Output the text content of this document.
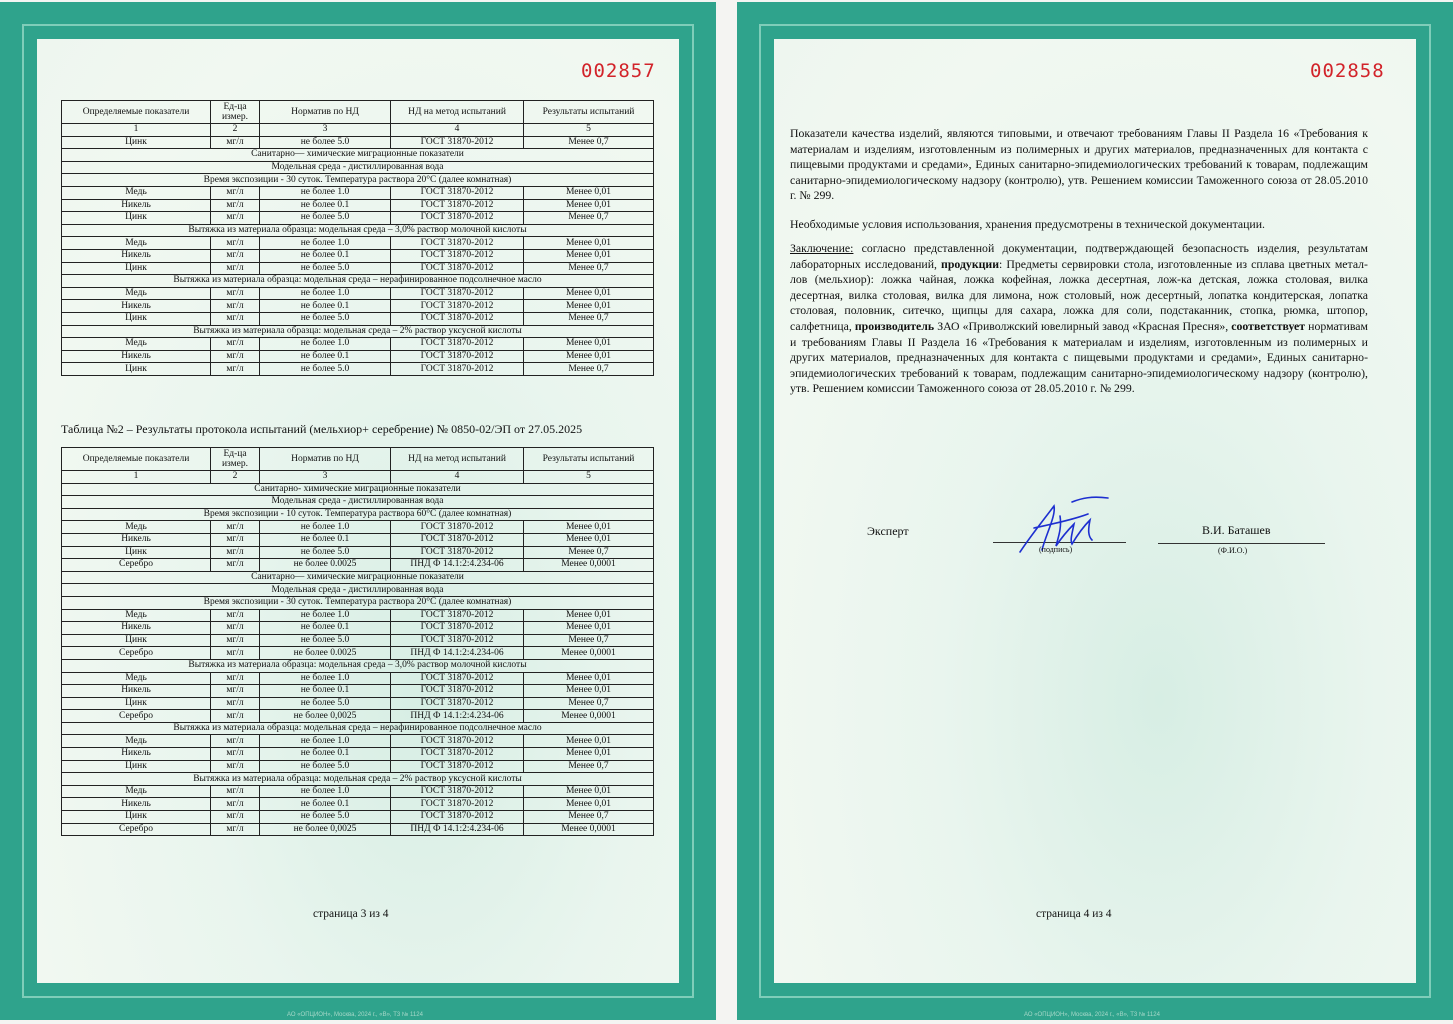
002857
Определяемые показатели	Ед-ца измер.	Норматив по НД	НД на метод испытаний	Результаты испытаний
1	2	3	4	5
Цинк	мг/л	не более 5.0	ГОСТ 31870-2012	Менее 0,7
Санитарно— химические миграционные показатели				
Модельная среда - дистиллированная вода				
Время экспозиции - 30 суток. Температура раствора 20°С (далее комнатная)				
Медь	мг/л	не более 1.0	ГОСТ 31870-2012	Менее 0,01
Никель	мг/л	не более 0.1	ГОСТ 31870-2012	Менее 0,01
Цинк	мг/л	не более 5.0	ГОСТ 31870-2012	Менее 0,7
Вытяжка из материала образца: модельная среда – 3,0% раствор молочной кислоты				
Медь	мг/л	не более 1.0	ГОСТ 31870-2012	Менее 0,01
Никель	мг/л	не более 0.1	ГОСТ 31870-2012	Менее 0,01
Цинк	мг/л	не более 5.0	ГОСТ 31870-2012	Менее 0,7
Вытяжка из материала образца: модельная среда – нерафинированное подсолнечное масло				
Медь	мг/л	не более 1.0	ГОСТ 31870-2012	Менее 0,01
Никель	мг/л	не более 0.1	ГОСТ 31870-2012	Менее 0,01
Цинк	мг/л	не более 5.0	ГОСТ 31870-2012	Менее 0,7
Вытяжка из материала образца: модельная среда – 2% раствор уксусной кислоты				
Медь	мг/л	не более 1.0	ГОСТ 31870-2012	Менее 0,01
Никель	мг/л	не более 0.1	ГОСТ 31870-2012	Менее 0,01
Цинк	мг/л	не более 5.0	ГОСТ 31870-2012	Менее 0,7
Таблица №2 – Результаты протокола испытаний (мельхиор+ серебрение) № 0850-02/ЭП от 27.05.2025
Определяемые показатели	Ед-ца измер.	Норматив по НД	НД на метод испытаний	Результаты испытаний
1	2	3	4	5
Санитарно- химические миграционные показатели				
Модельная среда - дистиллированная вода				
Время экспозиции - 10 суток. Температура раствора 60°С (далее комнатная)				
Медь	мг/л	не более 1.0	ГОСТ 31870-2012	Менее 0,01
Никель	мг/л	не более 0.1	ГОСТ 31870-2012	Менее 0,01
Цинк	мг/л	не более 5.0	ГОСТ 31870-2012	Менее 0,7
Серебро	мг/л	не более 0.0025	ПНД Ф 14.1:2:4.234-06	Менее 0,0001
Санитарно— химические миграционные показатели				
Модельная среда - дистиллированная вода				
Время экспозиции - 30 суток. Температура раствора 20°С (далее комнатная)				
Медь	мг/л	не более 1.0	ГОСТ 31870-2012	Менее 0,01
Никель	мг/л	не более 0.1	ГОСТ 31870-2012	Менее 0,01
Цинк	мг/л	не более 5.0	ГОСТ 31870-2012	Менее 0,7
Серебро	мг/л	не более 0.0025	ПНД Ф 14.1:2:4.234-06	Менее 0,0001
Вытяжка из материала образца: модельная среда – 3,0% раствор молочной кислоты				
Медь	мг/л	не более 1.0	ГОСТ 31870-2012	Менее 0,01
Никель	мг/л	не более 0.1	ГОСТ 31870-2012	Менее 0,01
Цинк	мг/л	не более 5.0	ГОСТ 31870-2012	Менее 0,7
Серебро	мг/л	не более 0,0025	ПНД Ф 14.1:2:4.234-06	Менее 0,0001
Вытяжка из материала образца: модельная среда – нерафинированное подсолнечное масло				
Медь	мг/л	не более 1.0	ГОСТ 31870-2012	Менее 0,01
Никель	мг/л	не более 0.1	ГОСТ 31870-2012	Менее 0,01
Цинк	мг/л	не более 5.0	ГОСТ 31870-2012	Менее 0,7
Вытяжка из материала образца: модельная среда – 2% раствор уксусной кислоты				
Медь	мг/л	не более 1.0	ГОСТ 31870-2012	Менее 0,01
Никель	мг/л	не более 0.1	ГОСТ 31870-2012	Менее 0,01
Цинк	мг/л	не более 5.0	ГОСТ 31870-2012	Менее 0,7
Серебро	мг/л	не более 0,0025	ПНД Ф 14.1:2:4.234-06	Менее 0,0001
страница 3 из 4
АО «ОПЦИОН», Москва, 2024 г., «В», Т3 № 1124
002858
Показатели качества изделий, являются типовыми, и отвечают требованиям Главы II Раздела 16 «Требования к материалам и изделиям, изготовленным из полимерных и других материалов, предназначенных для контакта с пищевыми продуктами и средами», Единых санитарно-эпидемиологических требований к товарам, подлежащим санитарно-эпидемиологическому надзору (контролю), утв. Решением комиссии Таможенного союза от 28.05.2010 г. № 299.
Необходимые условия использования, хранения предусмотрены в технической документации.
Заключение: согласно представленной документации, подтверждающей безопасность изделия, результатам лабораторных исследований, продукции: Предметы сервировки стола, изготовленные из сплава цветных метал-лов (мельхиор): ложка чайная, ложка кофейная, ложка десертная, лож-ка детская, ложка столовая, вилка десертная, вилка столовая, вилка для лимона, нож столовый, нож десертный, лопатка кондитерская, лопатка столовая, половник, ситечко, щипцы для сахара, ложка для соли, подстаканник, стопка, рюмка, штопор, салфетница, производитель ЗАО «Приволжский ювелирный завод «Красная Пресня», соответствует нормативам и требованиям Главы II Раздела 16 «Требования к материалам и изделиям, изготовленным из полимерных и других материалов, предназначенных для контакта с пищевыми продуктами и средами», Единых санитарно-эпидемиологических требований к товарам, подлежащим санитарно-эпидемиологическому надзору (контролю), утв. Решением комиссии Таможенного союза от 28.05.2010 г. № 299.
Эксперт
(подпись)
В.И. Баташев
(Ф.И.О.)
страница 4 из 4
АО «ОПЦИОН», Москва, 2024 г., «В», Т3 № 1124
